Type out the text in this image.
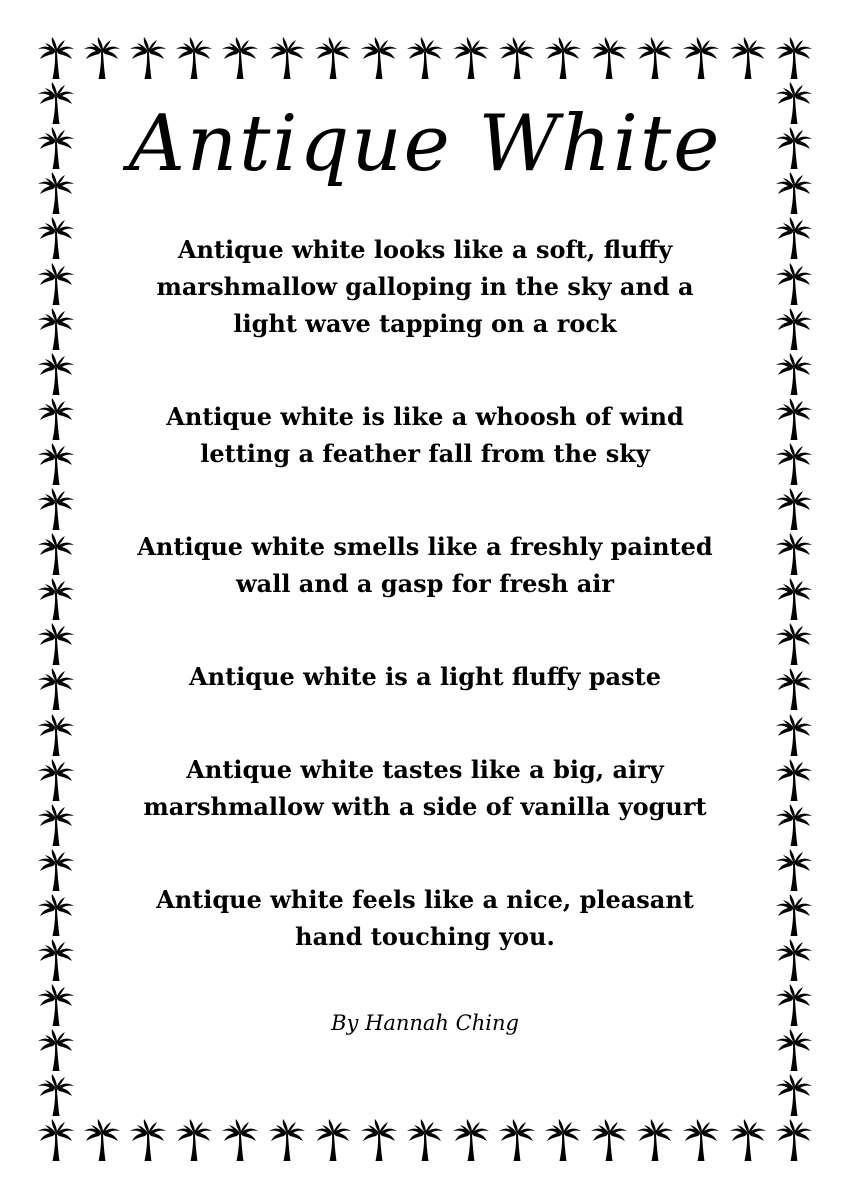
Antique White
Antique white looks like a soft, fluffy
marshmallow galloping in the sky and a
light wave tapping on a rock
Antique white is like a whoosh of wind
letting a feather fall from the sky
Antique white smells like a freshly painted
wall and a gasp for fresh air
Antique white is a light fluffy paste
Antique white tastes like a big, airy
marshmallow with a side of vanilla yogurt
Antique white feels like a nice, pleasant
hand touching you.
By Hannah Ching
